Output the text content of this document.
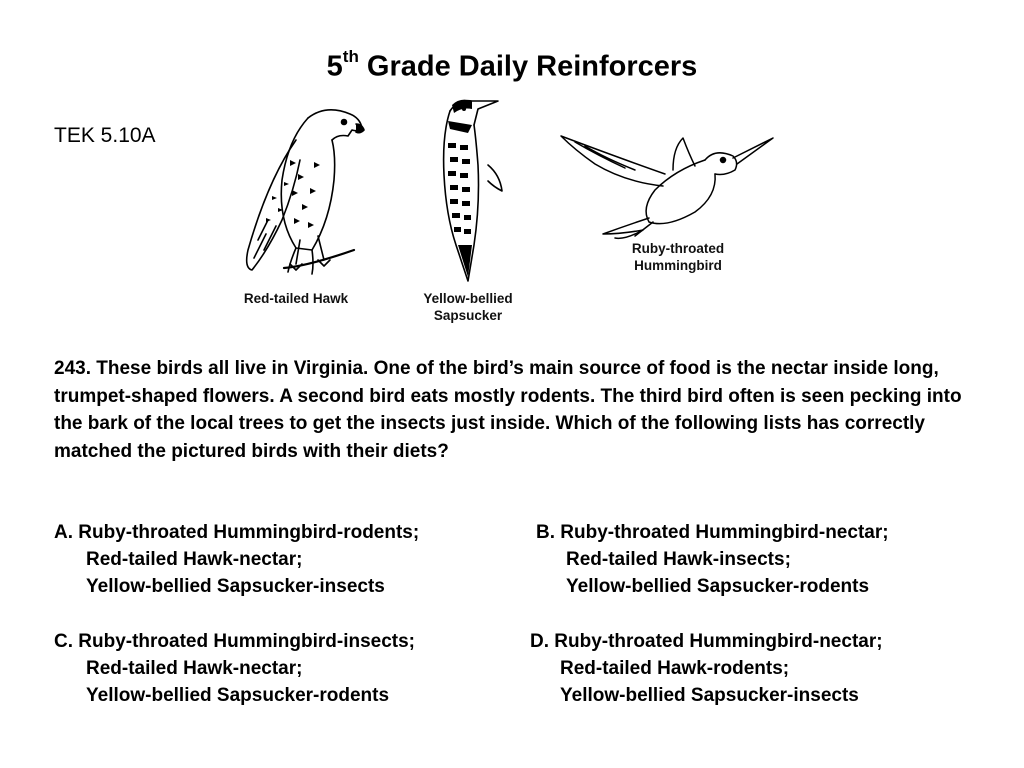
5th Grade Daily Reinforcers
TEK 5.10A
Red-tailed Hawk	Yellow-bellied
Sapsucker
Ruby-throated
Hummingbird
243. These birds all live in Virginia. One of the bird’s main source of food is the nectar inside long, trumpet-shaped flowers. A second bird eats mostly rodents. The third bird often is seen pecking into the bark of the local trees to get the insects just inside. Which of the following lists has correctly matched the pictured birds with their diets?
A. Ruby-throated Hummingbird-rodents;
Red-tailed Hawk-nectar;
Yellow-bellied Sapsucker-insects
B. Ruby-throated Hummingbird-nectar;
Red-tailed Hawk-insects;
Yellow-bellied Sapsucker-rodents
C. Ruby-throated Hummingbird-insects;
Red-tailed Hawk-nectar;
Yellow-bellied Sapsucker-rodents
D. Ruby-throated Hummingbird-nectar;
Red-tailed Hawk-rodents;
Yellow-bellied Sapsucker-insects
